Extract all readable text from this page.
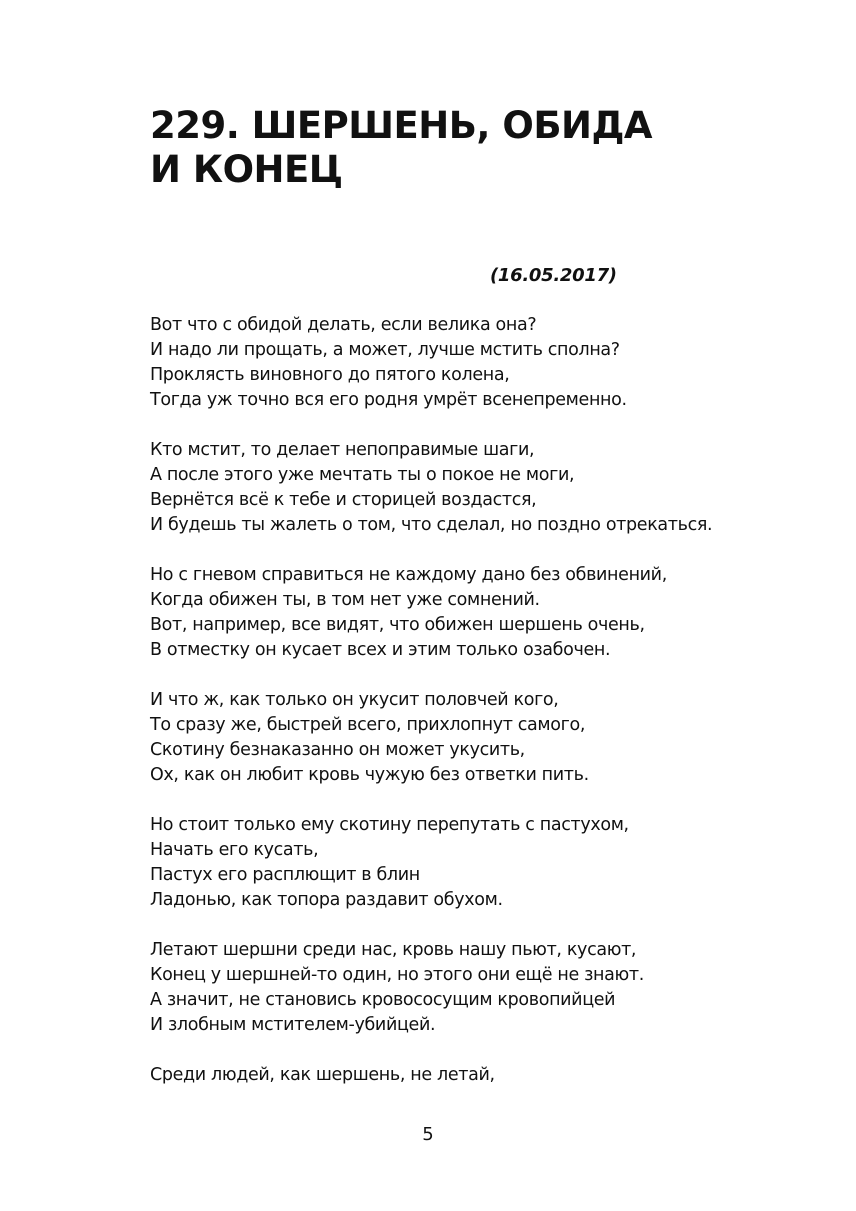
229. ШЕРШЕНЬ, ОБИДА
И КОНЕЦ
(16.05.2017)
Вот что с обидой делать, если велика она?
И надо ли прощать, а может, лучше мстить сполна?
Проклясть виновного до пятого колена,
Тогда уж точно вся его родня умрёт всенепременно.
Кто мстит, то делает непоправимые шаги,
А после этого уже мечтать ты о покое не моги,
Вернётся всё к тебе и сторицей воздастся,
И будешь ты жалеть о том, что сделал, но поздно отрекаться.
Но с гневом справиться не каждому дано без обвинений,
Когда обижен ты, в том нет уже сомнений.
Вот, например, все видят, что обижен шершень очень,
В отместку он кусает всех и этим только озабочен.
И что ж, как только он укусит половчей кого,
То сразу же, быстрей всего, прихлопнут самого,
Скотину безнаказанно он может укусить,
Ох, как он любит кровь чужую без ответки пить.
Но стоит только ему скотину перепутать с пастухом,
Начать его кусать,
Пастух его расплющит в блин
Ладонью, как топора раздавит обухом.
Летают шершни среди нас, кровь нашу пьют, кусают,
Конец у шершней-то один, но этого они ещё не знают.
А значит, не становись кровососущим кровопийцей
И злобным мстителем-убийцей.
Среди людей, как шершень, не летай,
5
